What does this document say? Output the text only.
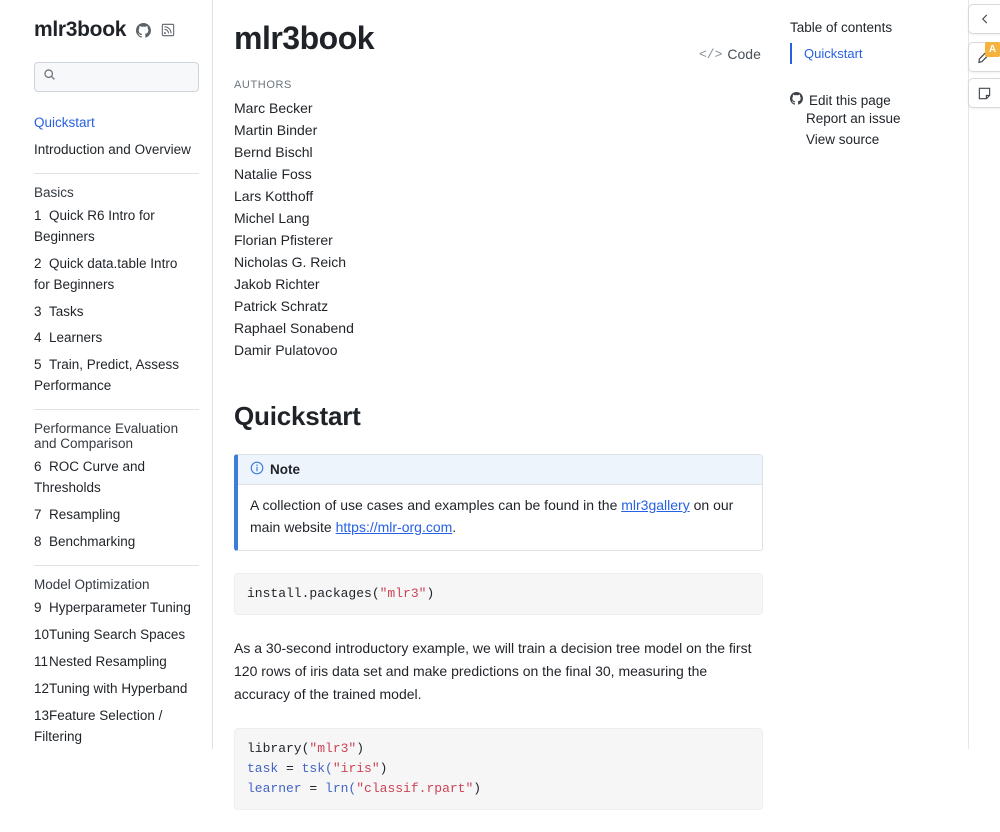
mlr3book
Quickstart
Introduction and Overview
Basics
1 Quick R6 Intro for Beginners
2 Quick data.table Intro for Beginners
3 Tasks
4 Learners
5 Train, Predict, Assess Performance
Performance Evaluation and Comparison
6 ROC Curve and Thresholds
7 Resampling
8 Benchmarking
Model Optimization
9 Hyperparameter Tuning
10Tuning Search Spaces
11Nested Resampling
12Tuning with Hyperband
13Feature Selection / Filtering
mlr3book
AUTHORS
Marc Becker
Martin Binder
Bernd Bischl
Natalie Foss
Lars Kotthoff
Michel Lang
Florian Pfisterer
Nicholas G. Reich
Jakob Richter
Patrick Schratz
Raphael Sonabend
Damir Pulatovoo
Quickstart
Note
A collection of use cases and examples can be found in the mlr3gallery on our main website https://mlr-org.com.
install.packages("mlr3")

As a 30-second introductory example, we will train a decision tree model on the first 120 rows of iris data set and make predictions on the final 30, measuring the accuracy of the trained model.

library("mlr3")
task = tsk("iris")
learner = lrn("classif.rpart")
</> Code
Table of contents
Quickstart
Edit this page
Report an issue
View source
A
